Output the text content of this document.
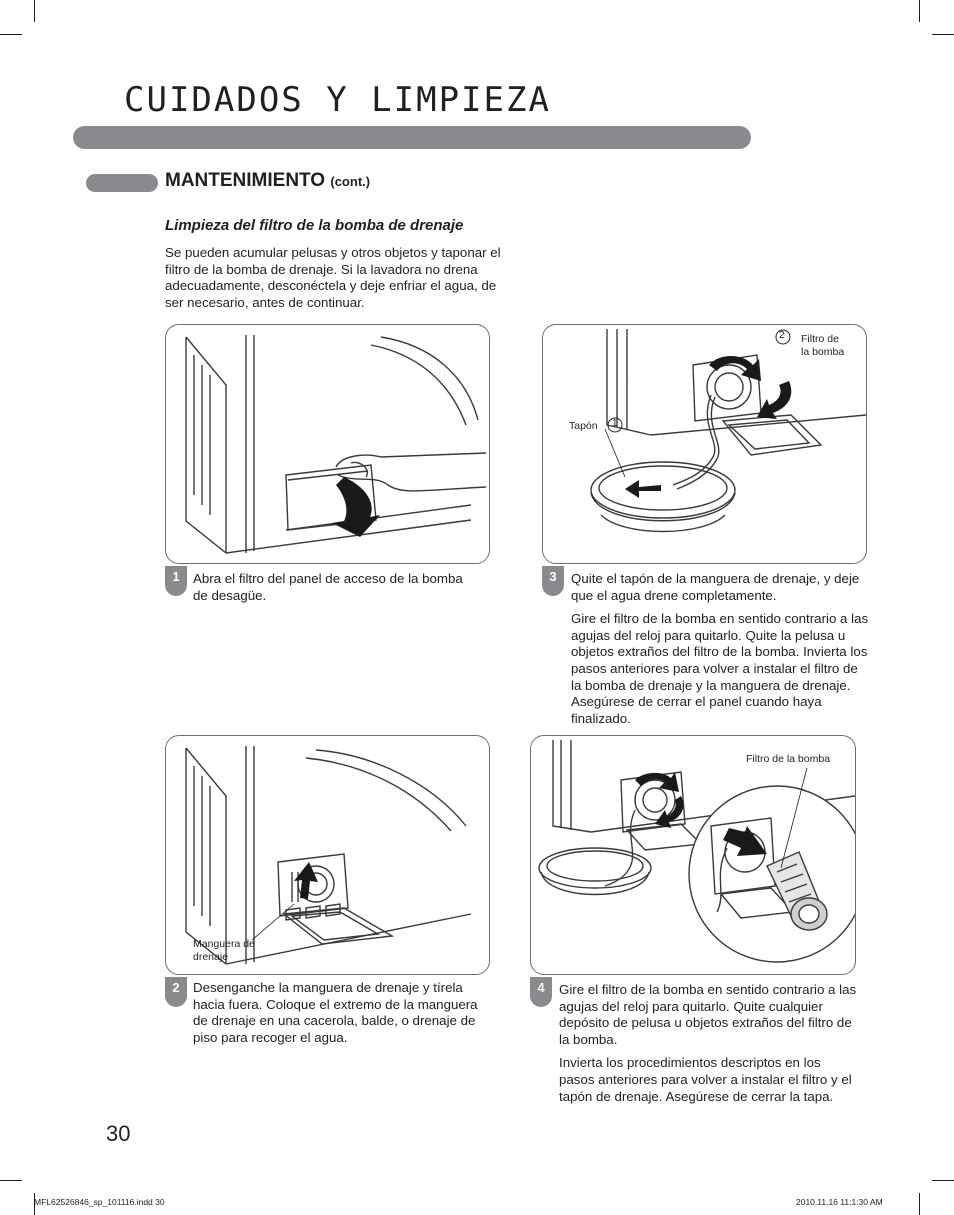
CUIDADOS Y LIMPIEZA
MANTENIMIENTO (cont.)
Limpieza del filtro de la bomba de drenaje
Se pueden acumular pelusas y otros objetos y taponar el filtro de la bomba de drenaje. Si la lavadora no drena adecuadamente, desconéctela y deje enfriar el agua, de ser necesario, antes de continuar.
1	Abra el filtro del panel de acceso de la bomba de desagüe.

2
1
Filtro de la bomba
Tapón
3	Quite el tapón de la manguera de drenaje, y deje que el agua drene completamente.

Gire el filtro de la bomba en sentido contrario a las agujas del reloj para quitarlo. Quite la pelusa u objetos extraños del filtro de la bomba. Invierta los pasos anteriores para volver a instalar el filtro de la bomba de drenaje y la manguera de drenaje. Asegúrese de cerrar el panel cuando haya finalizado.

Manguera de drenaje
2	Desenganche la manguera de drenaje y tírela hacia fuera. Coloque el extremo de la manguera de drenaje en una cacerola, balde, o drenaje de piso para recoger el agua.

Filtro de la bomba
4	Gire el filtro de la bomba en sentido contrario a las agujas del reloj para quitarlo. Quite cualquier depósito de pelusa u objetos extraños del filtro de la bomba.

Invierta los procedimientos descriptos en los pasos anteriores para volver a instalar el filtro y el tapón de drenaje. Asegúrese de cerrar la tapa.

30
MFL62526846_sp_101116.indd 30	2010.11.16 11:1:30 AM
